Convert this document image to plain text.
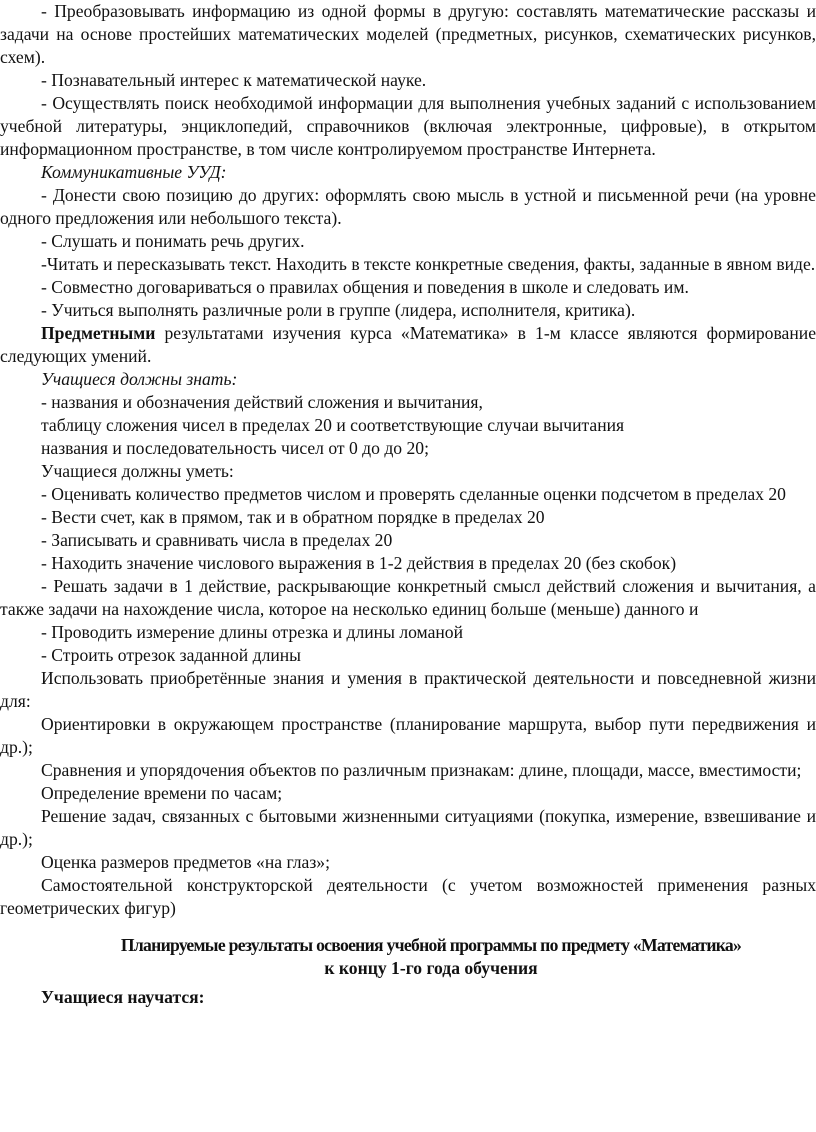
- Преобразовывать информацию из одной формы в другую: составлять математические рассказы и задачи на основе простейших математических моделей (предметных, рисунков, схематических рисунков, схем).

- Познавательный интерес к математической науке.

- Осуществлять поиск необходимой информации для выполнения учебных заданий с использованием учебной литературы, энциклопедий, справочников (включая электронные, цифровые), в открытом информационном пространстве, в том числе контролируемом пространстве Интернета.

Коммуникативные УУД:

- Донести свою позицию до других: оформлять свою мысль в устной и письменной речи (на уровне одного предложения или небольшого текста).

- Слушать и понимать речь других.

-Читать и пересказывать текст. Находить в тексте конкретные сведения, факты, заданные в явном виде.

- Совместно договариваться о правилах общения и поведения в школе и следовать им.

- Учиться выполнять различные роли в группе (лидера, исполнителя, критика).

Предметными результатами изучения курса «Математика» в 1-м классе являются формирование следующих умений.

Учащиеся должны знать:

- названия и обозначения действий сложения и вычитания,

таблицу сложения чисел в пределах 20 и соответствующие случаи вычитания

названия и последовательность чисел от 0 до до 20;

Учащиеся должны уметь:

- Оценивать количество предметов числом и проверять сделанные оценки подсчетом в пределах 20

- Вести счет, как в прямом, так и в обратном порядке в пределах 20

- Записывать и сравнивать числа в пределах 20

- Находить значение числового выражения в 1-2 действия в пределах 20 (без скобок)

- Решать задачи в 1 действие, раскрывающие конкретный смысл действий сложения и вычитания, а также задачи на нахождение числа, которое на несколько единиц больше (меньше) данного и

- Проводить измерение длины отрезка и длины ломаной

- Строить отрезок заданной длины

Использовать приобретённые знания и умения в практической деятельности и повседневной жизни для:

Ориентировки в окружающем пространстве (планирование маршрута, выбор пути передвижения и др.);

Сравнения и упорядочения объектов по различным признакам: длине, площади, массе, вместимости;

Определение времени по часам;

Решение задач, связанных с бытовыми жизненными ситуациями (покупка, измерение, взвешивание и др.);

Оценка размеров предметов «на глаз»;

Самостоятельной конструкторской деятельности (с учетом возможностей применения разных геометрических фигур)

Планируемые результаты освоения учебной программы по предмету «Математика»

к концу 1-го года обучения

Учащиеся научатся:
